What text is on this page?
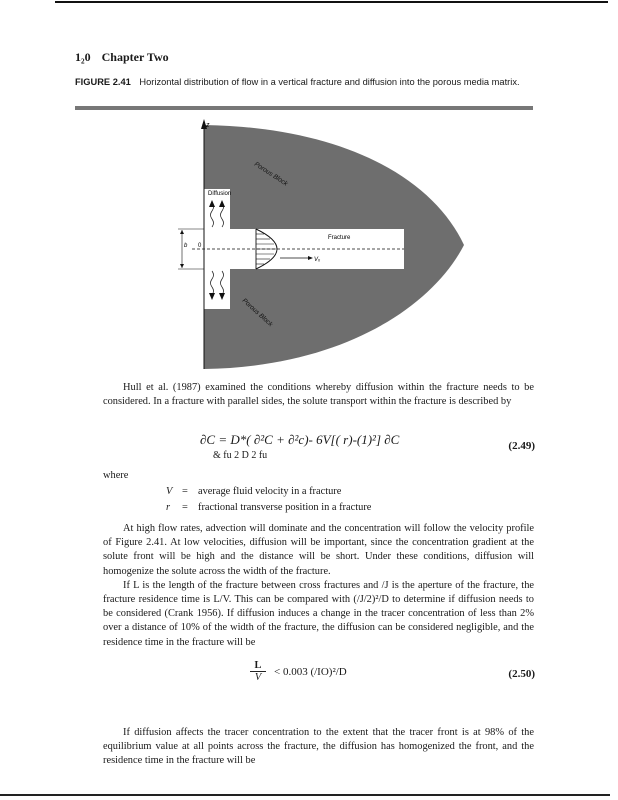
1₂0 Chapter Two
FIGURE 2.41 Horizontal distribution of flow in a vertical fracture and diffusion into the porous media matrix.
z
b 0
Vₓ
Diffusion
Porous Block
Porous Block
Fracture

Hull et al. (1987) examined the conditions whereby diffusion within the fracture needs to be considered. In a fracture with parallel sides, the solute transport within the fracture is described by

∂C = D*( ∂²C + ∂²c)- 6V[( r)-(1)²] ∂C
& fu 2 D 2 fu
(2.49)
where
V = average fluid velocity in a fracture
r = fractional transverse position in a fracture

At high flow rates, advection will dominate and the concentration will follow the velocity profile of Figure 2.41. At low velocities, diffusion will be important, since the concentration gradient at the solute front will be high and the distance will be short. Under these conditions, diffusion will homogenize the solute across the width of the fracture.

If L is the length of the fracture between cross fractures and /J is the aperture of the fracture, the fracture residence time is L/V. This can be compared with (/J/2)²/D to determine if diffusion needs to be considered (Crank 1956). If diffusion induces a change in the tracer concentration of less than 2% over a distance of 10% of the width of the fracture, the diffusion can be considered negligible, and the residence time in the fracture will be

$\frac{L}{V} < 0.003$ (/IO)²/D	(2.50)

If diffusion affects the tracer concentration to the extent that the tracer front is at 98% of the equilibrium value at all points across the fracture, the diffusion has homogenized the front, and the residence time in the fracture will be
